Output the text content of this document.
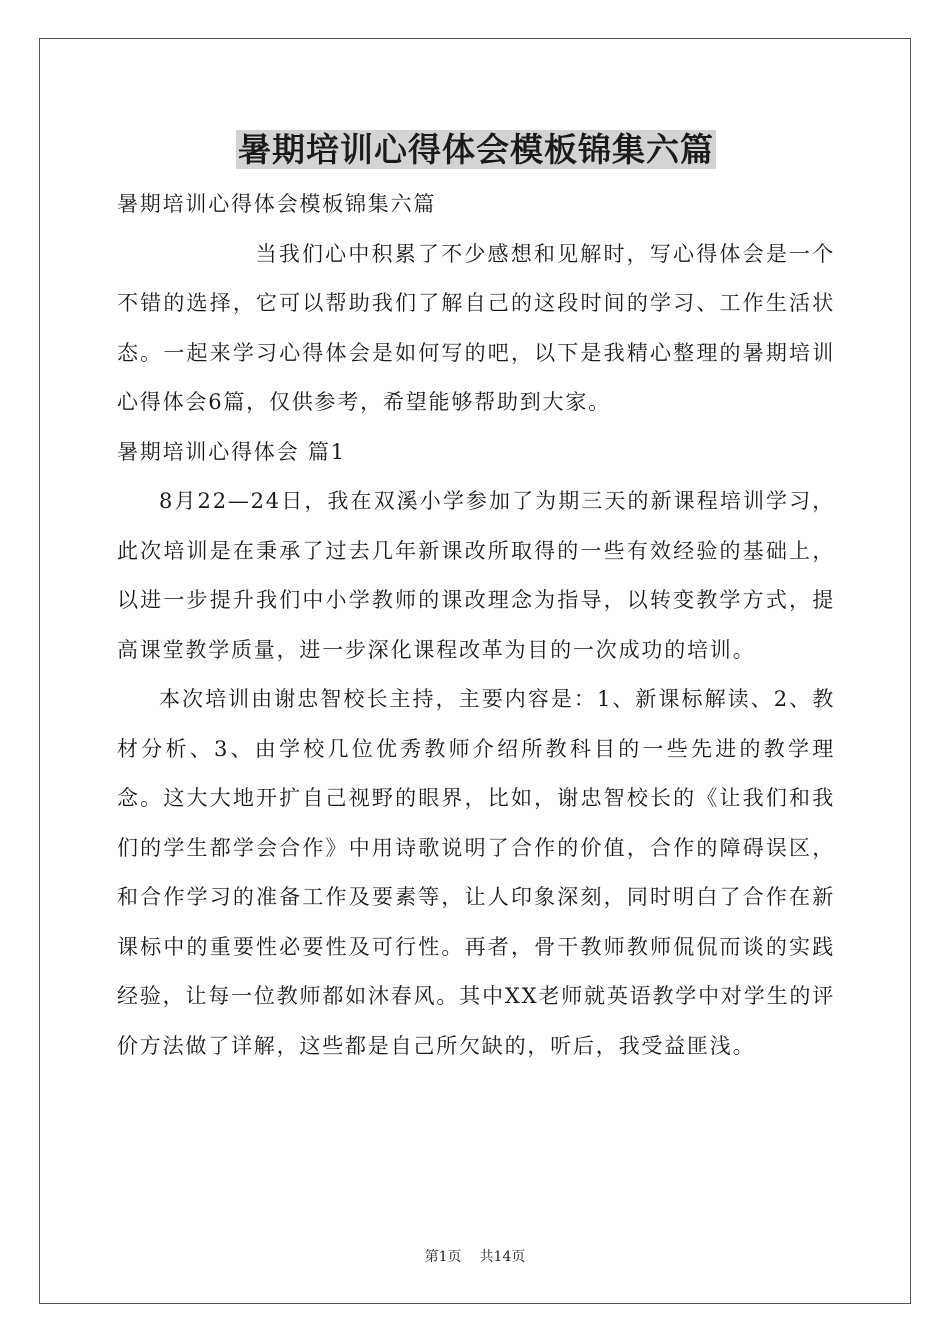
暑期培训心得体会模板锦集六篇

暑期培训心得体会模板锦集六篇

当我们心中积累了不少感想和见解时，写心得体会是一个不错的选择，它可以帮助我们了解自己的这段时间的学习、工作生活状态。一起来学习心得体会是如何写的吧，以下是我精心整理的暑期培训心得体会6篇，仅供参考，希望能够帮助到大家。

暑期培训心得体会 篇1

8月22—24日，我在双溪小学参加了为期三天的新课程培训学习，此次培训是在秉承了过去几年新课改所取得的一些有效经验的基础上，以进一步提升我们中小学教师的课改理念为指导，以转变教学方式，提高课堂教学质量，进一步深化课程改革为目的一次成功的培训。

本次培训由谢忠智校长主持，主要内容是：1、新课标解读、2、教材分析、3、由学校几位优秀教师介绍所教科目的一些先进的教学理念。这大大地开扩自己视野的眼界，比如，谢忠智校长的《让我们和我们的学生都学会合作》中用诗歌说明了合作的价值，合作的障碍误区，和合作学习的准备工作及要素等，让人印象深刻，同时明白了合作在新课标中的重要性必要性及可行性。再者，骨干教师教师侃侃而谈的实践经验，让每一位教师都如沐春风。其中XX老师就英语教学中对学生的评价方法做了详解，这些都是自己所欠缺的，听后，我受益匪浅。

第1页 共14页
